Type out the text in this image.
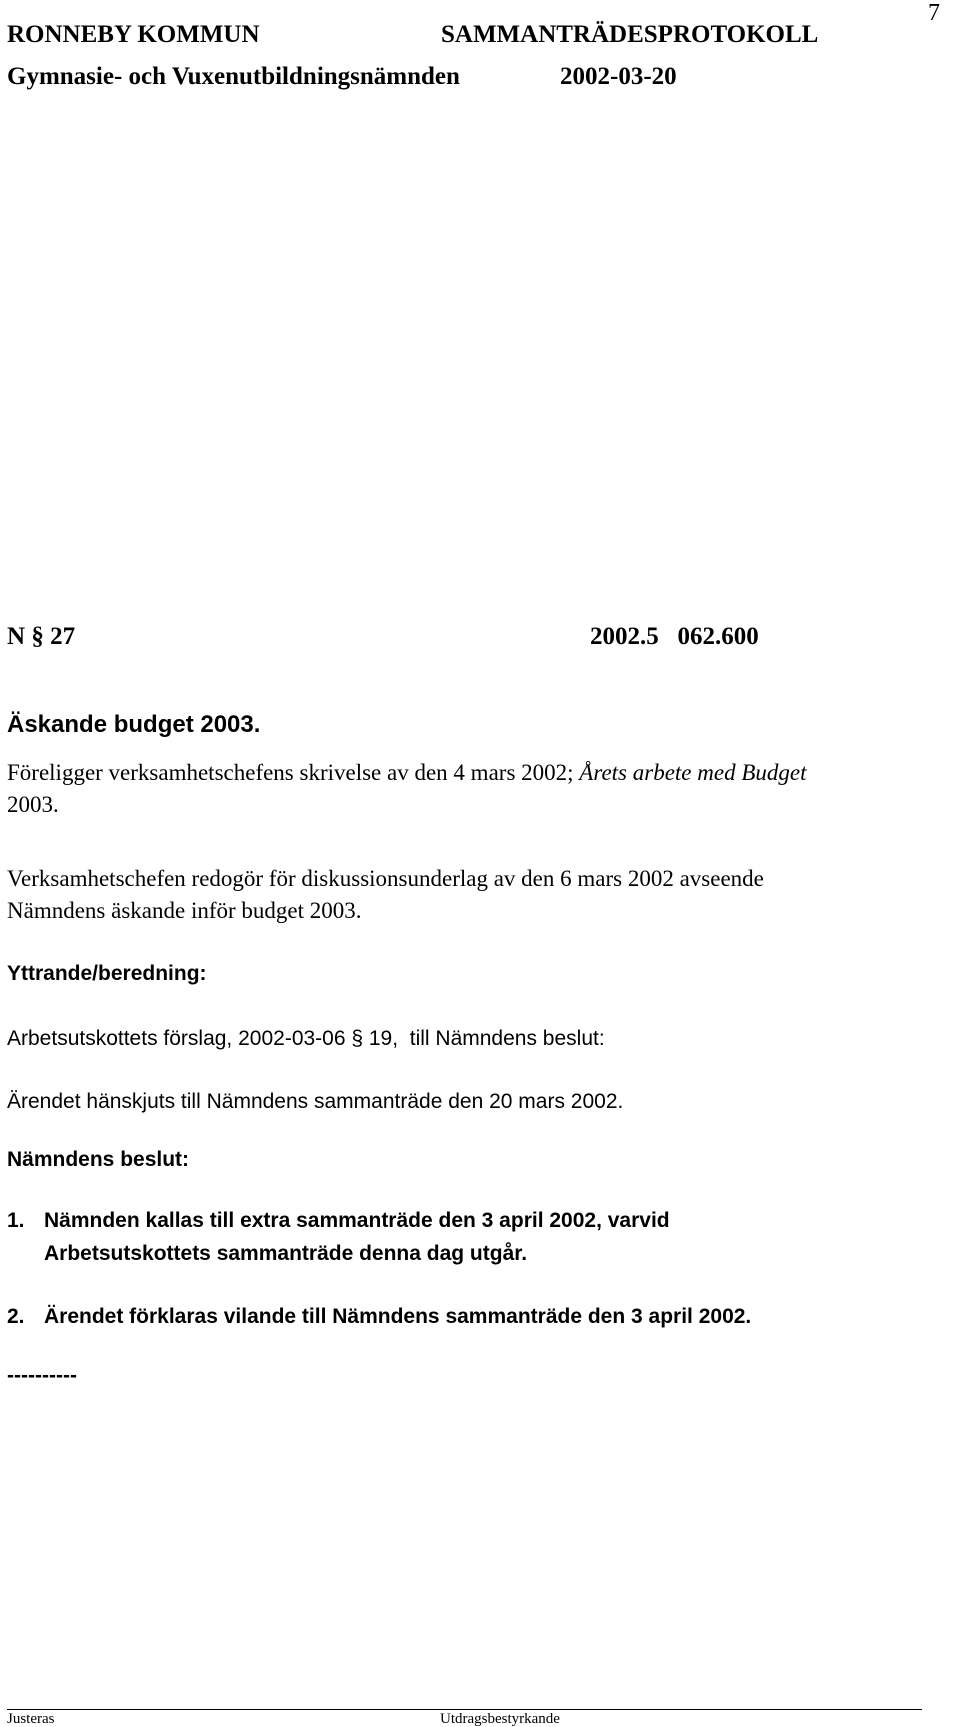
7
RONNEBY KOMMUN	SAMMANTRÄDESPROTOKOLL
Gymnasie- och Vuxenutbildningsnämnden	2002-03-20
N § 27	2002.5   062.600
Äskande budget 2003.
Föreligger verksamhetschefens skrivelse av den 4 mars 2002; Årets arbete med Budget
2003.
Verksamhetschefen redogör för diskussionsunderlag av den 6 mars 2002 avseende
Nämndens äskande inför budget 2003.
Yttrande/beredning:
Arbetsutskottets förslag, 2002-03-06 § 19,  till Nämndens beslut:
Ärendet hänskjuts till Nämndens sammanträde den 20 mars 2002.
Nämndens beslut:
1. Nämnden kallas till extra sammanträde den 3 april 2002, varvid
Arbetsutskottets sammanträde denna dag utgår.
2. Ärendet förklaras vilande till Nämndens sammanträde den 3 april 2002.
----------
Justeras	Utdragsbestyrkande
